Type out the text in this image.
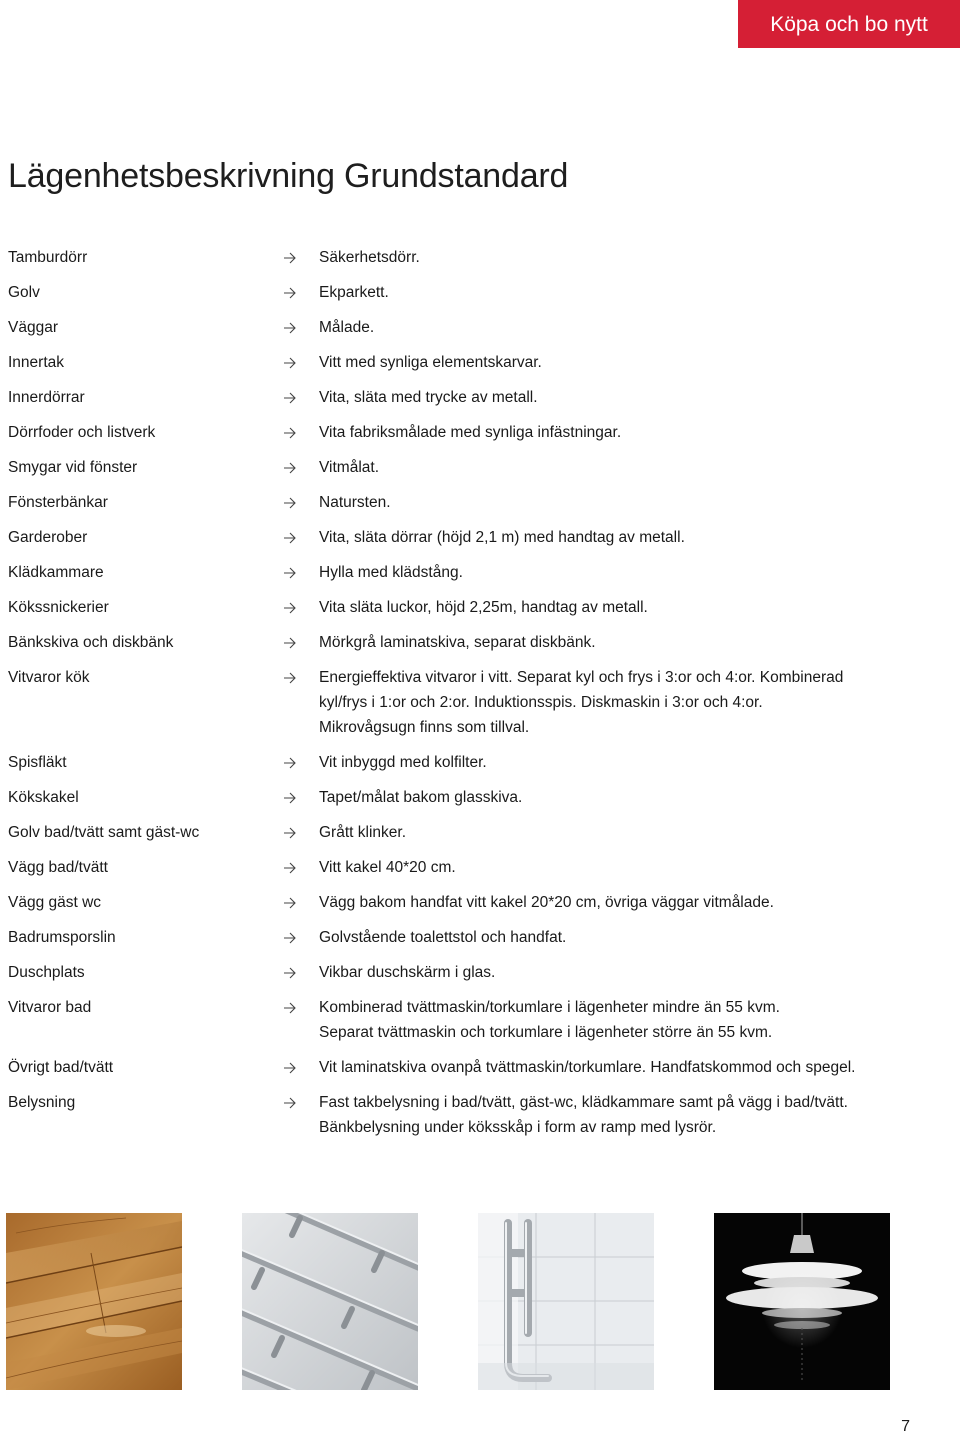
Köpa och bo nytt
Lägenhetsbeskrivning Grundstandard
Tamburdörr	Säkerhetsdörr.
Golv	Ekparkett.
Väggar	Målade.
Innertak	Vitt med synliga elementskarvar.
Innerdörrar	Vita, släta med trycke av metall.
Dörrfoder och listverk	Vita fabriksmålade med synliga infästningar.
Smygar vid fönster	Vitmålat.
Fönsterbänkar	Natursten.
Garderober	Vita, släta dörrar (höjd 2,1 m) med handtag av metall.
Klädkammare	Hylla med klädstång.
Kökssnickerier	Vita släta luckor, höjd 2,25m, handtag av metall.
Bänkskiva och diskbänk	Mörkgrå laminatskiva, separat diskbänk.
Vitvaror kök	Energieffektiva vitvaror i vitt. Separat kyl och frys i 3:or och 4:or. Kombinerad
kyl/frys i 1:or och 2:or. Induktionsspis. Diskmaskin i 3:or och 4:or.
Mikrovågsugn finns som tillval.
Spisfläkt	Vit inbyggd med kolfilter.
Kökskakel	Tapet/målat bakom glasskiva.
Golv bad/tvätt samt gäst-wc	Grått klinker.
Vägg bad/tvätt	Vitt kakel 40*20 cm.
Vägg gäst wc	Vägg bakom handfat vitt kakel 20*20 cm, övriga väggar vitmålade.
Badrumsporslin	Golvstående toalettstol och handfat.
Duschplats	Vikbar duschskärm i glas.
Vitvaror bad	Kombinerad tvättmaskin/torkumlare i lägenheter mindre än 55 kvm.
Separat tvättmaskin och torkumlare i lägenheter större än 55 kvm.
Övrigt bad/tvätt	Vit laminatskiva ovanpå tvättmaskin/torkumlare. Handfatskommod och spegel.
Belysning	Fast takbelysning i bad/tvätt, gäst-wc, klädkammare samt på vägg i bad/tvätt.
Bänkbelysning under köksskåp i form av ramp med lysrör.
7
